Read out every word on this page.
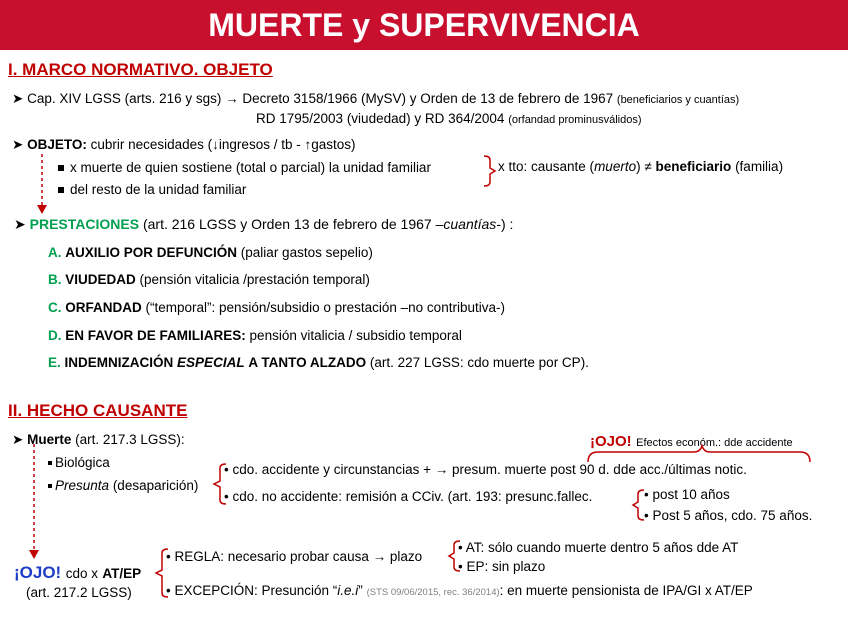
MUERTE y SUPERVIVENCIA
I. MARCO NORMATIVO. OBJETO
➤ Cap. XIV LGSS (arts. 216 y sgs) → Decreto 3158/1966 (MySV) y Orden de 13 de febrero de 1967 (beneficiarios y cuantías)
RD 1795/2003 (viudedad) y RD 364/2004 (orfandad prominusválidos)
➤ OBJETO: cubrir necesidades (↓ingresos / tb - ↑gastos)
x muerte de quien sostiene (total o parcial) la unidad familiar
del resto de la unidad familiar
x tto: causante (muerto) ≠ beneficiario (familia)
➤ PRESTACIONES (art. 216 LGSS y Orden 13 de febrero de 1967 –cuantías-) :
A. AUXILIO POR DEFUNCIÓN (paliar gastos sepelio)
B. VIUDEDAD (pensión vitalicia /prestación temporal)
C. ORFANDAD (“temporal”: pensión/subsidio o prestación –no contributiva-)
D. EN FAVOR DE FAMILIARES: pensión vitalicia / subsidio temporal
E. INDEMNIZACIÓN ESPECIAL A TANTO ALZADO (art. 227 LGSS: cdo muerte por CP).
II. HECHO CAUSANTE
➤ Muerte (art. 217.3 LGSS):
Biológica
Presunta (desaparición)
¡OJO! Efectos económ.: dde accidente
• cdo. accidente y circunstancias + → presum. muerte post 90 d. dde acc./últimas notic.
• cdo. no accidente: remisión a CCiv. (art. 193: presunc.fallec.	• post 10 años
• Post 5 años, cdo. 75 años.
¡OJO! cdo x AT/EP
(art. 217.2 LGSS)
• REGLA: necesario probar causa → plazo
• AT: sólo cuando muerte dentro 5 años dde AT
• EP: sin plazo
• EXCEPCIÓN: Presunción “i.e.i” (STS 09/06/2015, rec. 36/2014): en muerte pensionista de IPA/GI x AT/EP
